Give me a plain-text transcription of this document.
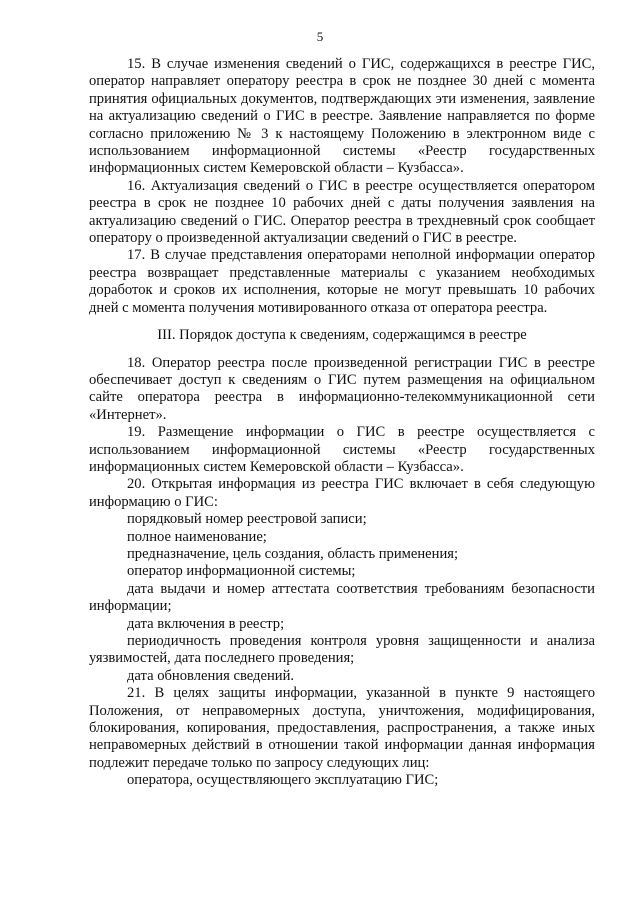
5

15. В случае изменения сведений о ГИС, содержащихся в реестре ГИС, оператор направляет оператору реестра в срок не позднее 30 дней с момента принятия официальных документов, подтверждающих эти изменения, заявление на актуализацию сведений о ГИС в реестре. Заявление направляется по форме согласно приложению № 3 к настоящему Положению в электронном виде с использованием информационной системы «Реестр государственных информационных систем Кемеровской области – Кузбасса».

16. Актуализация сведений о ГИС в реестре осуществляется оператором реестра в срок не позднее 10 рабочих дней с даты получения заявления на актуализацию сведений о ГИС. Оператор реестра в трехдневный срок сообщает оператору о произведенной актуализации сведений о ГИС в реестре.

17. В случае представления операторами неполной информации оператор реестра возвращает представленные материалы с указанием необходимых доработок и сроков их исполнения, которые не могут превышать 10 рабочих дней с момента получения мотивированного отказа от оператора реестра.

III. Порядок доступа к сведениям, содержащимся в реестре

18. Оператор реестра после произведенной регистрации ГИС в реестре обеспечивает доступ к сведениям о ГИС путем размещения на официальном сайте оператора реестра в информационно-телекоммуникационной сети «Интернет».

19. Размещение информации о ГИС в реестре осуществляется с использованием информационной системы «Реестр государственных информационных систем Кемеровской области – Кузбасса».

20. Открытая информация из реестра ГИС включает в себя следующую информацию о ГИС:

порядковый номер реестровой записи;

полное наименование;

предназначение, цель создания, область применения;

оператор информационной системы;

дата выдачи и номер аттестата соответствия требованиям безопасности информации;

дата включения в реестр;

периодичность проведения контроля уровня защищенности и анализа уязвимостей, дата последнего проведения;

дата обновления сведений.

21. В целях защиты информации, указанной в пункте 9 настоящего Положения, от неправомерных доступа, уничтожения, модифицирования, блокирования, копирования, предоставления, распространения, а также иных неправомерных действий в отношении такой информации данная информация подлежит передаче только по запросу следующих лиц:

оператора, осуществляющего эксплуатацию ГИС;
